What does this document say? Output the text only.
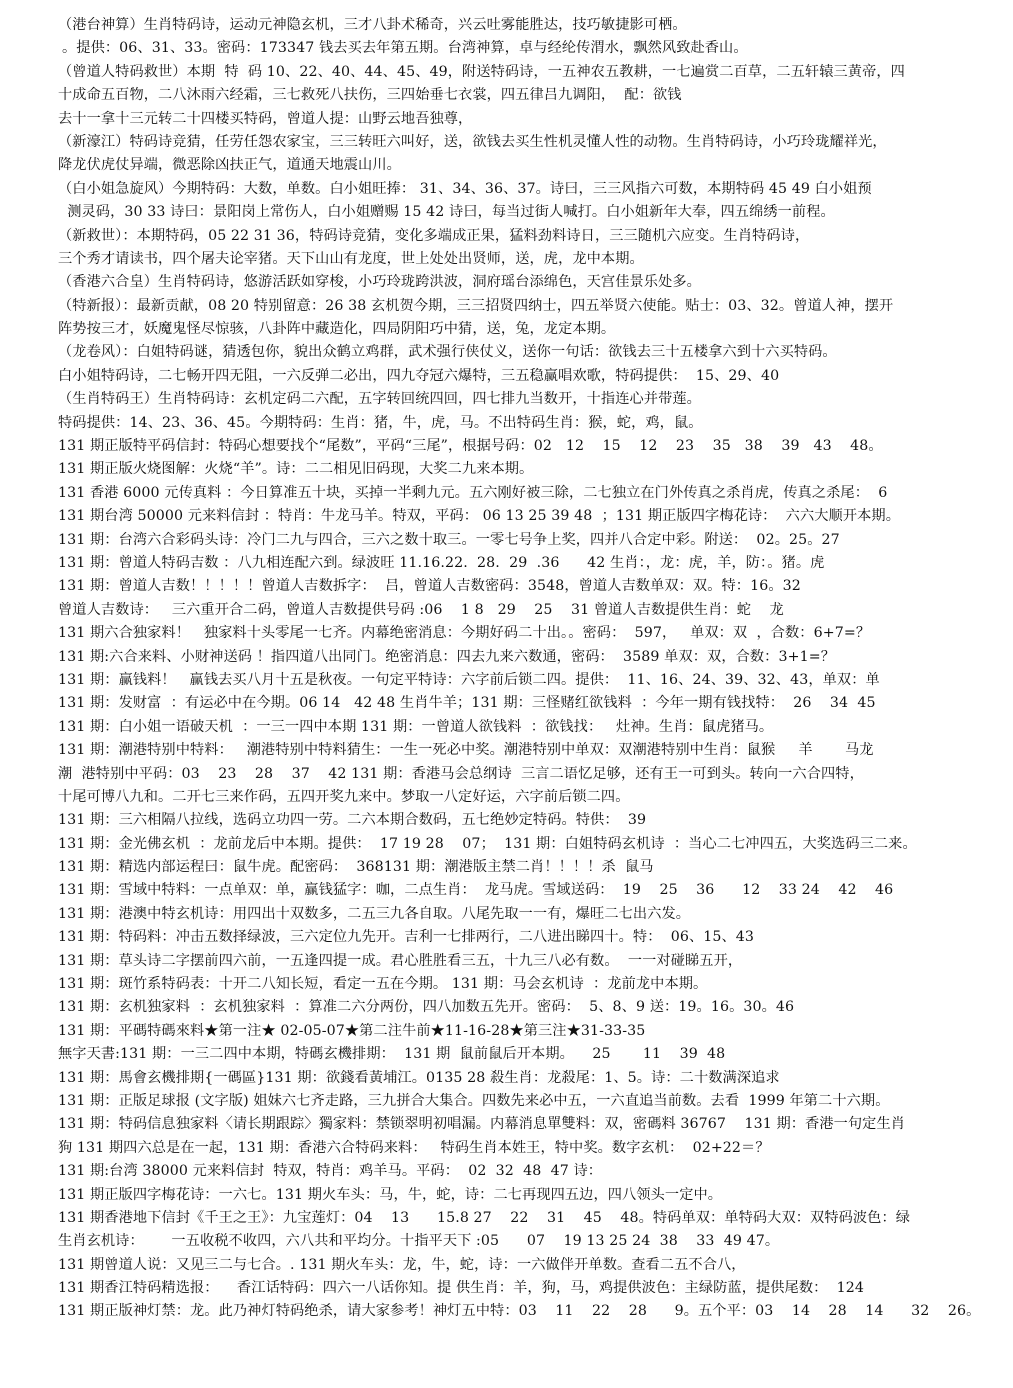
（港台神算）生肖特码诗，运动元神隐玄机，三才八卦术稀奇，兴云吐雾能胜达，技巧敏捷影可栖。
。提供：06、31、33。密码：173347 钱去买去年第五期。台湾神算，卓与经纶传渭水，飘然风致赴香山。
（曾道人特码救世）本期  特  码 10、22、40、44、45、49，附送特码诗，一五神农五教耕，一七遍赏二百草，二五轩辕三黄帝，四
十成命五百物，二八沐雨六经霜，三七救死八扶伤，三四始垂七衣裳，四五律吕九调阳，  配：欲钱
去十一拿十三元转二十四楼买特码，曾道人提：山野云地吾独尊，
（新濠江）特码诗竞猜，任劳任怨农家宝，三三转旺六叫好，送，欲钱去买生性机灵懂人性的动物。生肖特码诗，小巧玲珑耀祥光，
降龙伏虎仗异端，微恶除凶扶正气，道通天地震山川。
（白小姐急旋风）今期特码：大数，单数。白小姐旺捧： 31、34、36、37。诗曰，三三风指六可数，本期特码 45 49 白小姐预
测灵码，30 33 诗曰：景阳岗上常伤人，白小姐赠赐 15 42 诗曰，每当过街人喊打。白小姐新年大奉，四五绵绣一前程。
（新救世）：本期特码，05 22 31 36，特码诗竞猜，变化多端成正果，猛料劲料诗日，三三随机六应变。生肖特码诗，
三个秀才请读书，四个屠夫论宰猪。天下山山有龙度，世上处处出贤师，送，虎，龙中本期。
（香港六合皇）生肖特码诗，悠游活跃如穿梭，小巧玲珑跨洪波，洞府瑶台添绵色，天宫佳景乐处多。
（特新报）：最新贡献，08 20 特别留意：26 38 玄机贺今期，三三招贤四纳士，四五举贤六使能。贴士：03、32。曾道人神，摆开
阵势按三才，妖魔鬼怪尽惊骇，八卦阵中藏造化，四局阴阳巧中猜，送，兔，龙定本期。
（龙卷风）：白姐特码谜，猜透包你，貌出众鹤立鸡群，武术强行侠仗义，送你一句话：欲钱去三十五楼拿六到十六买特码。
白小姐特码诗，二七畅开四无阻，一六反弹二必出，四九夺冠六爆特，三五稳赢唱欢歌，特码提供：  15、29、40
（生肖特码王）生肖特码诗：玄机定码二六配，五字转回统四回，四七排九当数开，十指连心并带莲。
特码提供：14、23、36、45。今期特码：生肖：猪，牛，虎，马。不出特码生肖：猴，蛇，鸡，鼠。
131 期正版特平码信封：特码心想要找个“尾数”，平码“三尾”，根据号码：02   12    15    12    23    35   38    39   43    48。
131 期正版火烧图解：火烧“羊”。诗：二二相见旧码现，大奖二九来本期。
131 香港 6000 元传真料 ：今日算准五十块，买掉一半剩九元。五六刚好被三除，二七独立在门外传真之杀肖虎，传真之杀尾：  6
131 期台湾 50000 元来料信封 ：特肖：牛龙马羊。特双，平码： 06 13 25 39 48  ；131 期正版四字梅花诗：  六六大顺开本期。
131 期：台湾六合彩码头诗：冷门二九与四合，三六之数十取三。一零七号争上奖，四并八合定中彩。附送：  02。25。27
131 期：曾道人特码吉数 ：八九相连配六到。绿波旺 11.16.22.  28.  29  .36      42 生肖：，龙：虎，羊，防：。猪。虎
131 期：曾道人吉数！！！！！曾道人吉数拆字：  吕，曾道人吉数密码：3548，曾道人吉数单双：双。特：16。32
曾道人吉数诗：   三六重开合二码，曾道人吉数提供号码 :06    1 8   29    25    31 曾道人吉数提供生肖：蛇    龙
131 期六合独家料！   独家料十头零尾一七齐。内幕绝密消息：今期好码二十出。。密码：  597，   单双：双  ，合数：6+7=？
131 期:六合来料、小财神送码 ！指四道八出同门。绝密消息：四去九来六数通，密码：  3589 单双：双，合数：3+1=？
131 期：赢钱料！   赢钱去买八月十五是秋夜。一句定平特诗：六字前后锁二四。提供：  11、16、24、39、32、43，单双：单
131 期：发财富  ：有运必中在今期。06 14   42 48 生肖牛羊；131 期：三怪赌红欲钱料  ：今年一期有钱找特：  26    34  45
131 期：白小姐一语破天机  ：一三一四中本期 131 期：一曾道人欲钱料  ：欲钱找：   灶神。生肖：鼠虎猪马。
131 期：潮港特别中特料：   潮港特别中特料猜生：一生一死必中奖。潮港特别中单双：双潮港特别中生肖：鼠猴     羊       马龙
潮  港特别中平码：03    23    28    37    42 131 期：香港马会总纲诗  三言二语忆足够，还有王一可到头。转向一六合四特，
十尾可博八九和。二开七三来作码，五四开奖九来中。梦取一八定好运，六字前后锁二四。
131 期：三六相隔八拉线，选码立功四一劳。二六本期合数码，五七绝妙定特码。特供：  39
131 期：金光佛玄机  ：龙前龙后中本期。提供：  17 19 28    07；  131 期：白姐特码玄机诗  ：当心二七冲四五，大奖选码三二来。
131 期：精选内部运程曰：鼠牛虎。配密码：  368131 期：潮港版主禁二肖！！！！杀  鼠马
131 期：雪域中特料：一点单双：单，赢钱猛字：咖，二点生肖：  龙马虎。雪域送码：  19    25    36      12    33 24    42    46
131 期：港澳中特玄机诗：用四出十双数多，二五三九各自取。八尾先取一一有，爆旺二七出六发。
131 期：特码料：冲击五数择绿波，三六定位九先开。吉利一七排两行，二八进出睇四十。特：  06、15、43
131 期：草头诗二字摆前四六前，一五逢四提一成。君心胜胜看三五，十九三八必有数。  一一对碰睇五开，
131 期：斑竹系特码表：十开二八知长短，看定一五在今期。 131 期：马会玄机诗  ：龙前龙中本期。
131 期：玄机独家料  ：玄机独家料  ：算准二六分两份，四八加数五先开。密码：  5、8、9 送：19。16。30。46
131 期：平碼特碼來料★第一注★ 02-05-07★第二注牛前★11-16-28★第三注★31-33-35
無字天書:131 期：一三二四中本期，特碼玄機排期：  131 期  鼠前鼠后开本期。    25       11    39  48
131 期：馬會玄機排期{一碼區}131 期：欲錢看黃埔江。0135 28 殺生肖：龙殺尾：1、5。诗：二十数满深追求
131 期：正版足球报 (文字版) 姐妹六七齐走路，三九拼合大集合。四数先来必中五，一六直追当前数。去看  1999 年第二十六期。
131 期：特码信息独家料〈请长期跟踪〉獨家料：禁锁翠明初唱漏。内幕消息單雙料：双，密碼料 36767    131 期：香港一句定生肖
狗 131 期四六总是在一起，131 期：香港六合特码来料：   特码生肖本姓王，特中奖。数字玄机：  02+22＝？
131 期:台湾 38000 元来料信封  特双，特肖：鸡羊马。平码：  02  32  48  47 诗：
131 期正版四字梅花诗：一六七。131 期火车头：马，牛，蛇，诗：二七再现四五边，四八领头一定中。
131 期香港地下信封《千王之王》：九宝莲灯：04    13      15.8 27    22    31    45    48。特码单双：单特码大双：双特码波色：绿
生肖玄机诗：      一五收税不收四，六八共和平均分。十指平天下 :05      07    19 13 25 24  38    33  49 47。
131 期曾道人说：又见三二与七合。. 131 期火车头：龙，牛，蛇，诗：一六做伴开单数。查看二五不合八，
131 期香江特码精选报：    香江话特码：四六一八话你知。提 供生肖：羊，狗，马，鸡提供波色：主绿防蓝，提供尾数：  124
131 期正版神灯禁：龙。此乃神灯特码绝杀，请大家参考！神灯五中特：03    11    22    28      9。五个平：03    14    28    14      32    26。
